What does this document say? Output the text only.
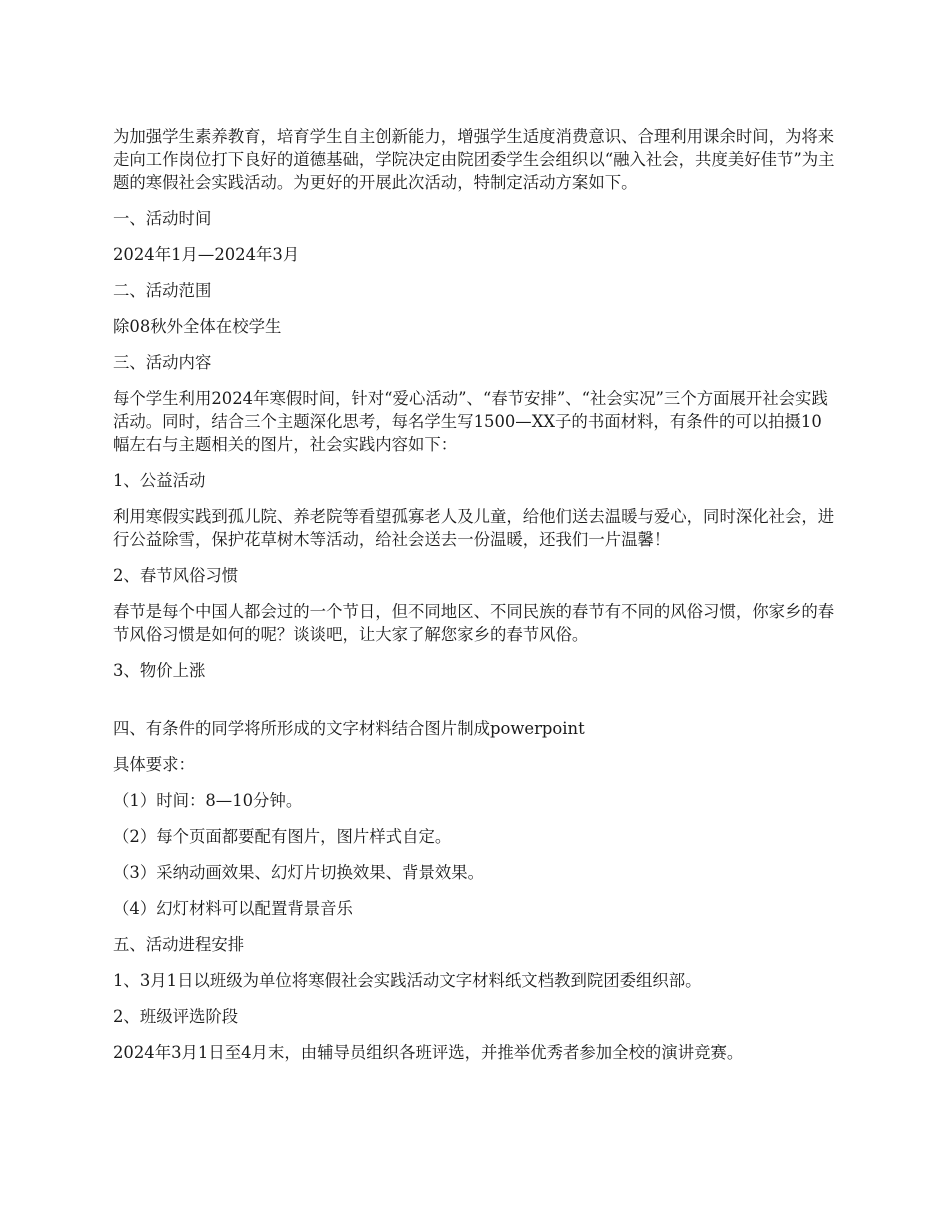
为加强学生素养教育，培育学生自主创新能力，增强学生适度消费意识、合理利用课余时间，为将来走向工作岗位打下良好的道德基础，学院决定由院团委学生会组织以“融入社会，共度美好佳节”为主题的寒假社会实践活动。为更好的开展此次活动，特制定活动方案如下。

一、活动时间

2024年1月—2024年3月

二、活动范围

除08秋外全体在校学生

三、活动内容

每个学生利用2024年寒假时间，针对“爱心活动”、“春节安排”、“社会实况”三个方面展开社会实践活动。同时，结合三个主题深化思考，每名学生写1500—XX子的书面材料，有条件的可以拍摄10幅左右与主题相关的图片，社会实践内容如下：

1、公益活动

利用寒假实践到孤儿院、养老院等看望孤寡老人及儿童，给他们送去温暖与爱心，同时深化社会，进行公益除雪，保护花草树木等活动，给社会送去一份温暖，还我们一片温馨！

2、春节风俗习惯

春节是每个中国人都会过的一个节日，但不同地区、不同民族的春节有不同的风俗习惯，你家乡的春节风俗习惯是如何的呢？谈谈吧，让大家了解您家乡的春节风俗。

3、物价上涨

四、有条件的同学将所形成的文字材料结合图片制成powerpoint

具体要求：

（1）时间：8—10分钟。

（2）每个页面都要配有图片，图片样式自定。

（3）采纳动画效果、幻灯片切换效果、背景效果。

（4）幻灯材料可以配置背景音乐

五、活动进程安排

1、3月1日以班级为单位将寒假社会实践活动文字材料纸文档教到院团委组织部。

2、班级评选阶段

2024年3月1日至4月末，由辅导员组织各班评选，并推举优秀者参加全校的演讲竞赛。
